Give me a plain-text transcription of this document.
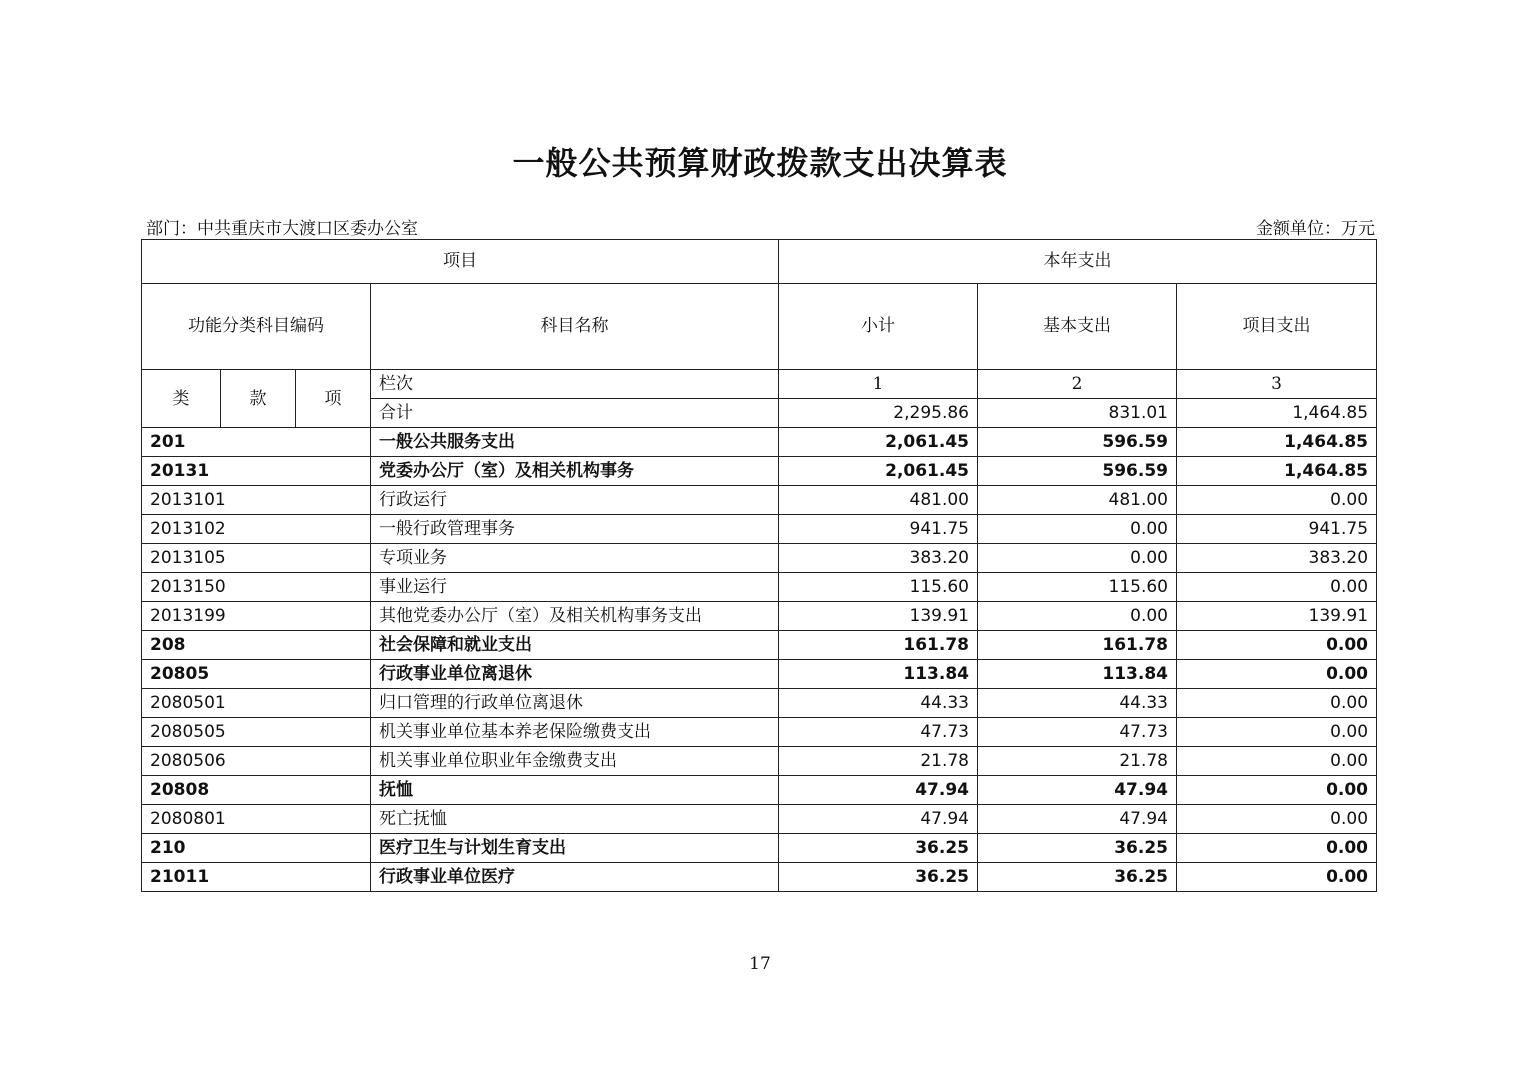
一般公共预算财政拨款支出决算表
部门：中共重庆市大渡口区委办公室	金额单位：万元
项目				本年支出		
功能分类科目编码			科目名称	小计	基本支出	项目支出
类	款	项	栏次	1	2	3
			合计	2,295.86	831.01	1,464.85
201			一般公共服务支出	2,061.45	596.59	1,464.85
20131			党委办公厅（室）及相关机构事务	2,061.45	596.59	1,464.85
2013101			行政运行	481.00	481.00	0.00
2013102			一般行政管理事务	941.75	0.00	941.75
2013105			专项业务	383.20	0.00	383.20
2013150			事业运行	115.60	115.60	0.00
2013199			其他党委办公厅（室）及相关机构事务支出	139.91	0.00	139.91
208			社会保障和就业支出	161.78	161.78	0.00
20805			行政事业单位离退休	113.84	113.84	0.00
2080501			归口管理的行政单位离退休	44.33	44.33	0.00
2080505			机关事业单位基本养老保险缴费支出	47.73	47.73	0.00
2080506			机关事业单位职业年金缴费支出	21.78	21.78	0.00
20808			抚恤	47.94	47.94	0.00
2080801			死亡抚恤	47.94	47.94	0.00
210			医疗卫生与计划生育支出	36.25	36.25	0.00
21011			行政事业单位医疗	36.25	36.25	0.00
17
